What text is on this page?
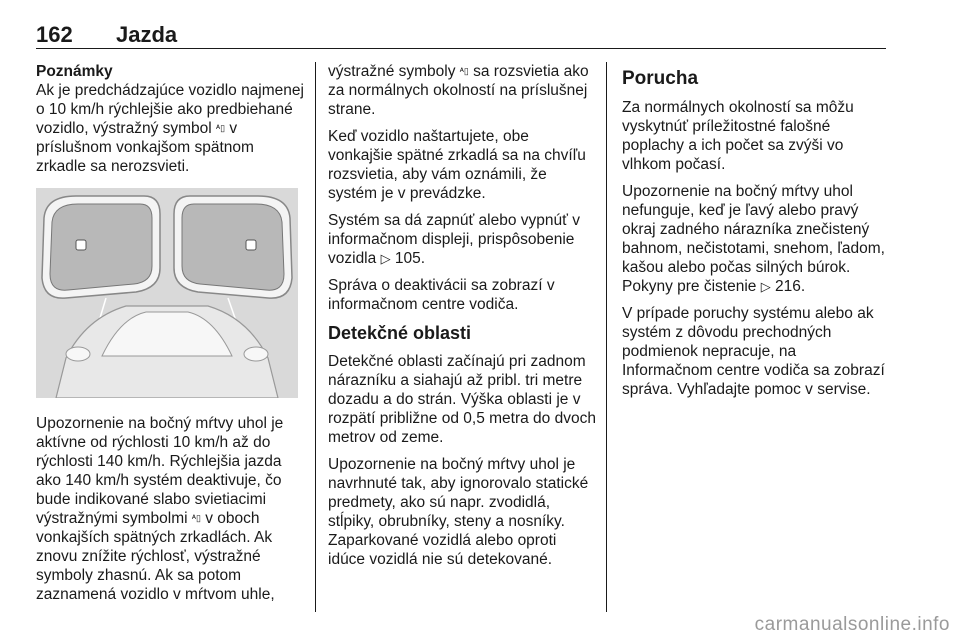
162 Jazda

Poznámky

Ak je predchádzajúce vozidlo najmenej o 10 km/h rýchlejšie ako predbiehané vozidlo, výstražný symbol ᴬ▯ v príslušnom vonkajšom spätnom zrkadle sa nerozsvieti.

Upozornenie na bočný mŕtvy uhol je aktívne od rýchlosti 10 km/h až do rýchlosti 140 km/h. Rýchlejšia jazda ako 140 km/h systém deaktivuje, čo bude indikované slabo svietiacimi výstražnými symbolmi ᴬ▯ v oboch vonkajších spätných zrkadlách. Ak znovu znížite rýchlosť, výstražné symboly zhasnú. Ak sa potom zaznamená vozidlo v mŕtvom uhle,

výstražné symboly ᴬ▯ sa rozsvietia ako za normálnych okolností na príslušnej strane.

Keď vozidlo naštartujete, obe vonkajšie spätné zrkadlá sa na chvíľu rozsvietia, aby vám oznámili, že systém je v prevádzke.

Systém sa dá zapnúť alebo vypnúť v informačnom displeji, prispôsobenie vozidla ▷ 105.

Správa o deaktivácii sa zobrazí v informačnom centre vodiča.

Detekčné oblasti

Detekčné oblasti začínajú pri zadnom nárazníku a siahajú až pribl. tri metre dozadu a do strán. Výška oblasti je v rozpätí približne od 0,5 metra do dvoch metrov od zeme.

Upozornenie na bočný mŕtvy uhol je navrhnuté tak, aby ignorovalo statické predmety, ako sú napr. zvodidlá, stĺpiky, obrubníky, steny a nosníky. Zaparkované vozidlá alebo oproti idúce vozidlá nie sú detekované.

Porucha

Za normálnych okolností sa môžu vyskytnúť príležitostné falošné poplachy a ich počet sa zvýši vo vlhkom počasí.

Upozornenie na bočný mŕtvy uhol nefunguje, keď je ľavý alebo pravý okraj zadného nárazníka znečistený bahnom, nečistotami, snehom, ľadom, kašou alebo počas silných búrok. Pokyny pre čistenie ▷ 216.

V prípade poruchy systému alebo ak systém z dôvodu prechodných podmienok nepracuje, na Informačnom centre vodiča sa zobrazí správa. Vyhľadajte pomoc v servise.

carmanualsonline.info
